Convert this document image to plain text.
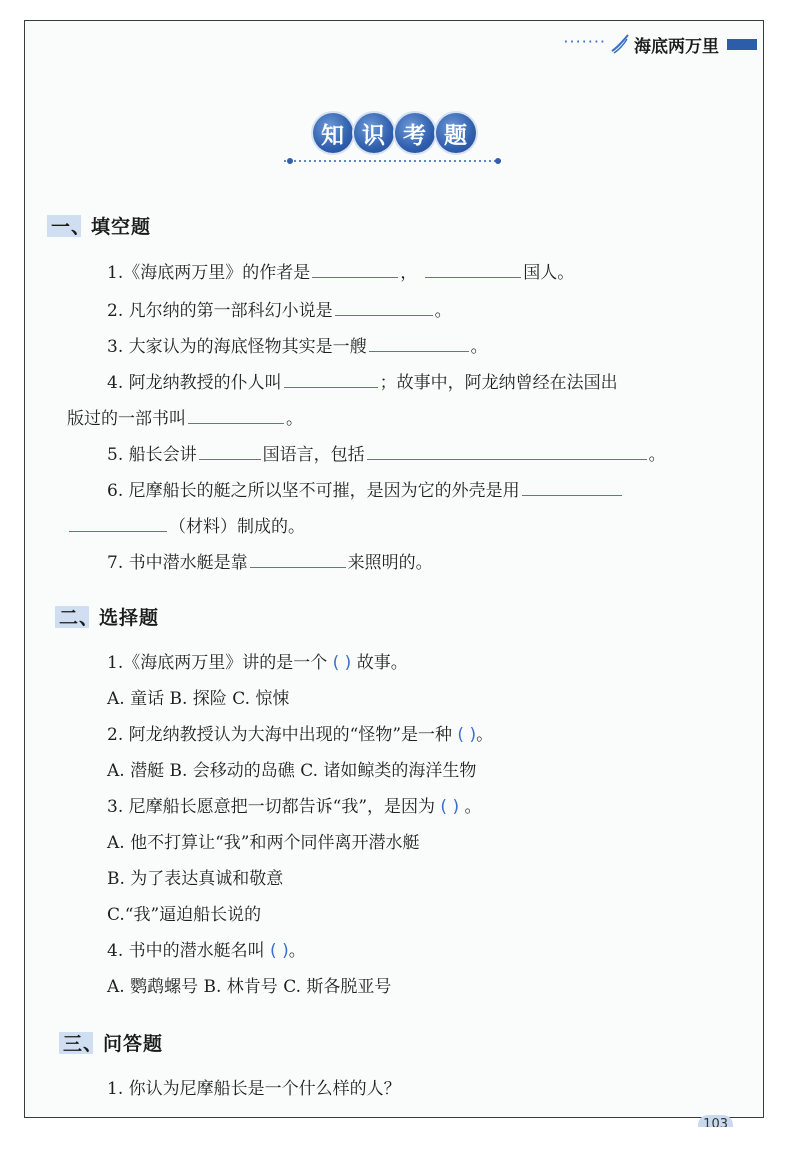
······· 海底两万里
知 识 考 题
一、填空题
1.《海底两万里》的作者是	，	国人。
2. 凡尔纳的第一部科幻小说是	。
3. 大家认为的海底怪物其实是一艘	。
4. 阿龙纳教授的仆人叫	；故事中，阿龙纳曾经在法国出
版过的一部书叫	。
5. 船长会讲	国语言，包括	。
6. 尼摩船长的艇之所以坚不可摧，是因为它的外壳是用
（材料）制成的。
7. 书中潜水艇是靠	来照明的。
二、选择题
1.《海底两万里》讲的是一个 ( ) 故事。
A. 童话 B. 探险 C. 惊悚
2. 阿龙纳教授认为大海中出现的“怪物”是一种 ( )。
A. 潜艇 B. 会移动的岛礁 C. 诸如鲸类的海洋生物
3. 尼摩船长愿意把一切都告诉“我”，是因为 ( ) 。
A. 他不打算让“我”和两个同伴离开潜水艇
B. 为了表达真诚和敬意
C.“我”逼迫船长说的
4. 书中的潜水艇名叫 ( )。
A. 鹦鹉螺号 B. 林肯号 C. 斯各脱亚号
三、问答题
1. 你认为尼摩船长是一个什么样的人？
103
